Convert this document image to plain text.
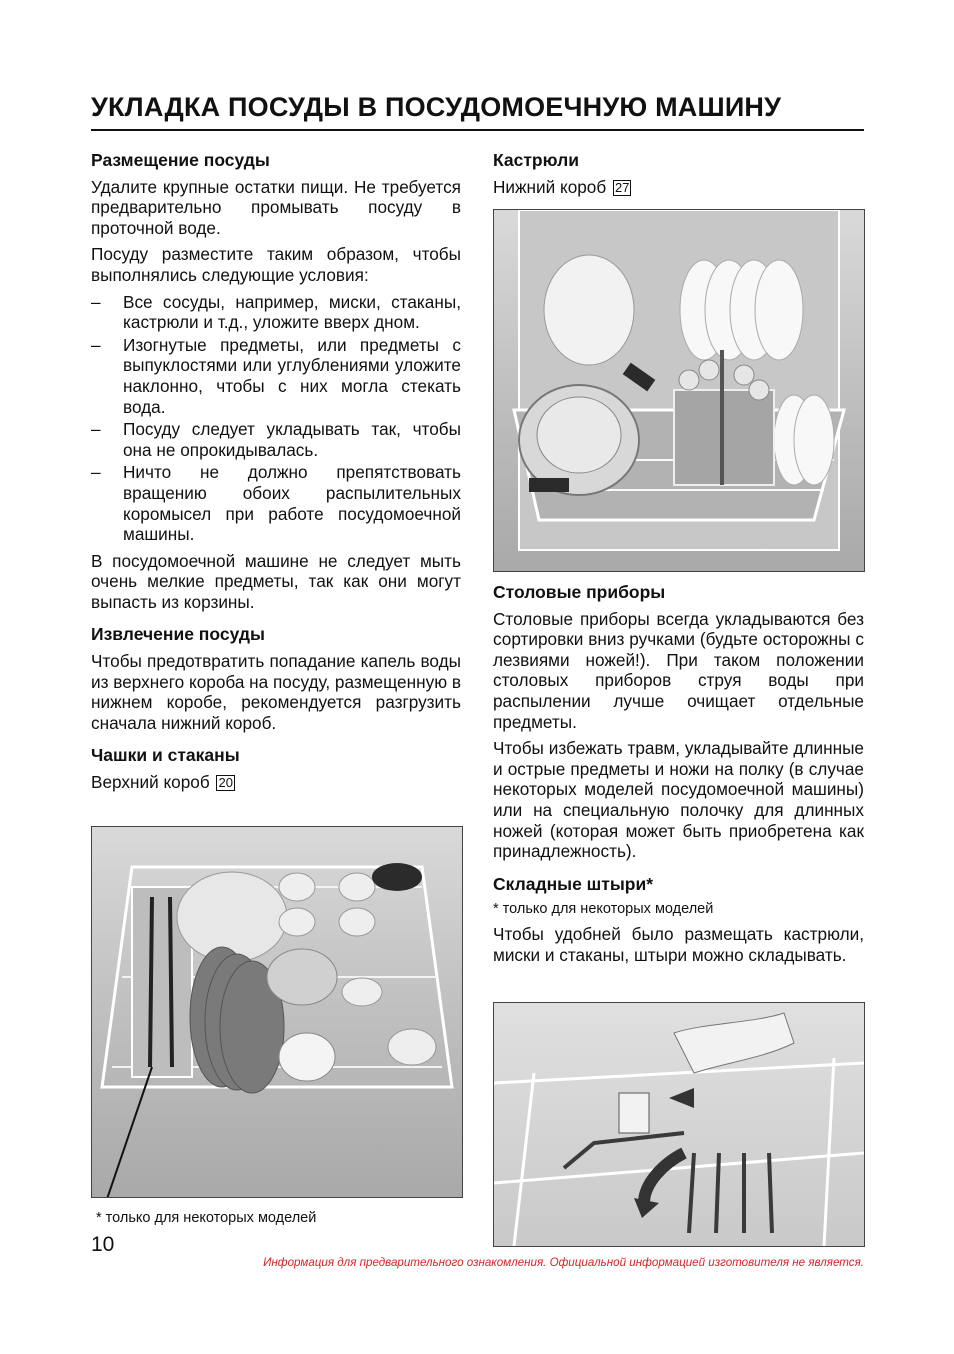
УКЛАДКА ПОСУДЫ В ПОСУДОМОЕЧНУЮ МАШИНУ
Размещение посуды

Удалите крупные остатки пищи. Не требуется предварительно промывать посуду в проточной воде.

Посуду разместите таким образом, чтобы выполнялись следующие условия:

– Все сосуды, например, миски, стаканы, кастрюли и т.д., уложите вверх дном.
– Изогнутые предметы, или предметы с выпуклостями или углублениями уложите наклонно, чтобы с них могла стекать вода.
– Посуду следует укладывать так, чтобы она не опрокидывалась.
– Ничто не должно препятствовать вращению обоих распылительных коромысел при работе посудомоечной машины.

В посудомоечной машине не следует мыть очень мелкие предметы, так как они могут выпасть из корзины.

Извлечение посуды

Чтобы предотвратить попадание капель воды из верхнего короба на посуду, размещенную в нижнем коробе, рекомендуется разгрузить сначала нижний короб.

Чашки и стаканы

Верхний короб 20

* только для некоторых моделей
Кастрюли

Нижний короб 27

Столовые приборы

Столовые приборы всегда укладываются без сортировки вниз ручками (будьте осторожны с лезвиями ножей!). При таком положении столовых приборов струя воды при распылении лучше очищает отдельные предметы.

Чтобы избежать травм, укладывайте длинные и острые предметы и ножи на полку (в случае некоторых моделей посудомоечной машины) или на специальную полочку для длинных ножей (которая может быть приобретена как принадлежность).

Складные штыри*
* только для некоторых моделей

Чтобы удобней было размещать кастрюли, миски и стаканы, штыри можно складывать.

10
Информация для предварительного ознакомления. Официальной информацией изготовителя не является.
